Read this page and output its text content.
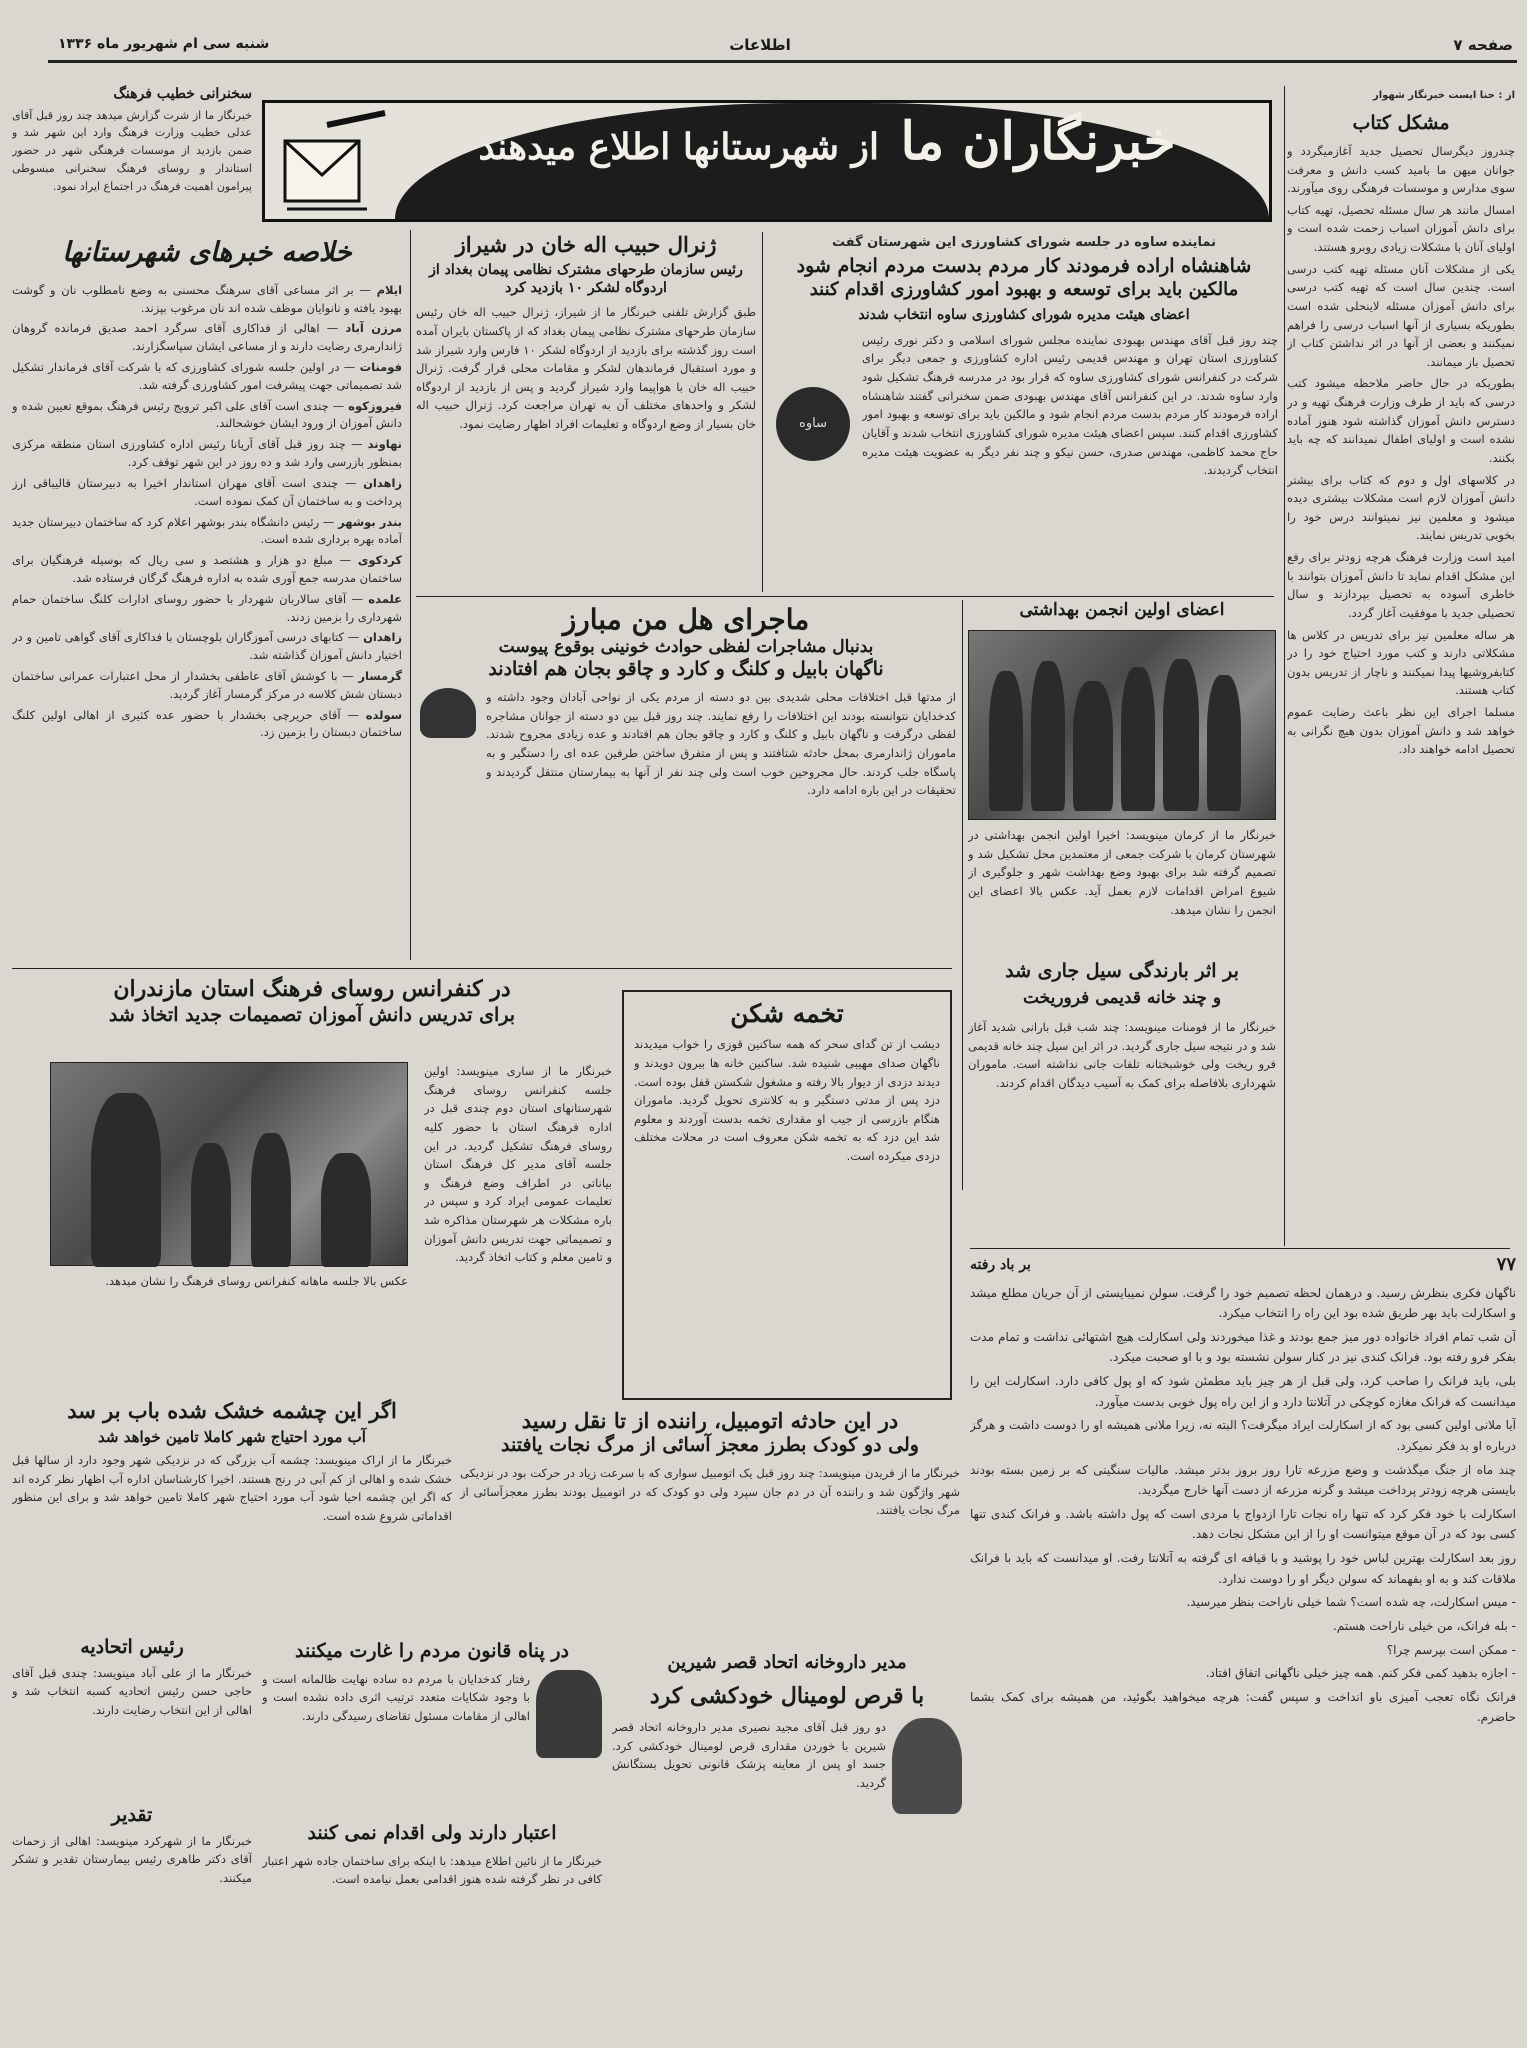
صفحه ۷
اطلاعات
شنبه سی ام شهریور ماه ۱۳۳۶
از : حنا ایست خبرنگار شهوار
مشکل کتاب

چندروز دیگرسال تحصیل جدید آغازمیگردد و جوانان میهن ما بامید کسب دانش و معرفت سوی مدارس و موسسات فرهنگی روی میآورند.

امسال مانند هر سال مسئله تحصیل، تهیه کتاب برای دانش آموزان اسباب زحمت شده است و اولیای آنان با مشکلات زیادی روبرو هستند.

یکی از مشکلات آنان مسئله تهیه کتب درسی است. چندین سال است که تهیه کتب درسی برای دانش آموزان مسئله لاینحلی شده است بطوریکه بسیاری از آنها اسباب درسی را فراهم نمیکنند و بعضی از آنها در اثر نداشتن کتاب از تحصیل باز میمانند.

بطوریکه در حال حاضر ملاحظه میشود کتب درسی که باید از طرف وزارت فرهنگ تهیه و در دسترس دانش آموزان گذاشته شود هنوز آماده نشده است و اولیای اطفال نمیدانند که چه باید بکنند.

در کلاسهای اول و دوم که کتاب برای بیشتر دانش آموزان لازم است مشکلات بیشتری دیده میشود و معلمین نیز نمیتوانند درس خود را بخوبی تدریس نمایند.

امید است وزارت فرهنگ هرچه زودتر برای رفع این مشکل اقدام نماید تا دانش آموزان بتوانند با خاطری آسوده به تحصیل بپردازند و سال تحصیلی جدید با موفقیت آغاز گردد.

هر ساله معلمین نیز برای تدریس در کلاس ها مشکلاتی دارند و کتب مورد احتیاج خود را در کتابفروشیها پیدا نمیکنند و ناچار از تدریس بدون کتاب هستند.

مسلما اجرای این نظر باعث رضایت عموم خواهد شد و دانش آموزان بدون هیچ نگرانی به تحصیل ادامه خواهند داد.

خبرنگاران ما از شهرستانها اطلاع میدهند
سخنرانی خطیب فرهنگ
خبرنگار ما از شرت گزارش میدهد چند روز قبل آقای عدلی خطیب وزارت فرهنگ وارد این شهر شد و ضمن بازدید از موسسات فرهنگی شهر در حضور استاندار و روسای فرهنگ سخنرانی مبسوطی پیرامون اهمیت فرهنگ در اجتماع ایراد نمود.
خلاصه خبرهای شهرستانها

ایلام — بر اثر مساعی آقای سرهنگ محسنی به وضع نامطلوب نان و گوشت بهبود یافته و نانوایان موظف شده اند نان مرغوب بپزند.

مرزن آباد — اهالی از فداکاری آقای سرگرد احمد صدیق فرمانده گروهان ژاندارمری رضایت دارند و از مساعی ایشان سپاسگزارند.

فومنات — در اولین جلسه شورای کشاورزی که با شرکت آقای فرماندار تشکیل شد تصمیماتی جهت پیشرفت امور کشاورزی گرفته شد.

فیروزکوه — چندی است آقای علی اکبر ترویج رئیس فرهنگ بموقع تعیین شده و دانش آموزان از ورود ایشان خوشحالند.

نهاوند — چند روز قبل آقای آریانا رئیس اداره کشاورزی استان منطقه مرکزی بمنظور بازرسی وارد شد و ده روز در این شهر توقف کرد.

زاهدان — چندی است آقای مهران استاندار اخیرا به دبیرستان قالیباقی ارز پرداخت و به ساختمان آن کمک نموده است.

بندر بوشهر — رئیس دانشگاه بندر بوشهر اعلام کرد که ساختمان دبیرستان جدید آماده بهره برداری شده است.

کردکوی — مبلغ دو هزار و هشتصد و سی ریال که بوسیله فرهنگیان برای ساختمان مدرسه جمع آوری شده به اداره فرهنگ گرگان فرستاده شد.

علمده — آقای سالاربان شهردار با حضور روسای ادارات کلنگ ساختمان حمام شهرداری را بزمین زدند.

زاهدان — کتابهای درسی آموزگاران بلوچستان با فداکاری آقای گواهی تامین و در اختیار دانش آموزان گذاشته شد.

گرمسار — با کوشش آقای عاطفی بخشدار از محل اعتبارات عمرانی ساختمان دبستان شش کلاسه در مرکز گرمسار آغاز گردید.

سولده — آقای حریرچی بخشدار با حضور عده کثیری از اهالی اولین کلنگ ساختمان دبستان را بزمین زد.

ژنرال حبیب اله خان در شیراز
رئیس سازمان طرحهای مشترک نظامی پیمان بغداد از اردوگاه لشکر ۱۰ بازدید کرد
طبق گزارش تلفنی خبرنگار ما از شیراز، ژنرال حبیب اله خان رئیس سازمان طرحهای مشترک نظامی پیمان بغداد که از پاکستان بایران آمده است روز گذشته برای بازدید از اردوگاه لشکر ۱۰ فارس وارد شیراز شد و مورد استقبال فرماندهان لشکر و مقامات محلی قرار گرفت. ژنرال حبیب اله خان با هواپیما وارد شیراز گردید و پس از بازدید از اردوگاه لشکر و واحدهای مختلف آن به تهران مراجعت کرد. ژنرال حبیب اله خان بسیار از وضع اردوگاه و تعلیمات افراد اظهار رضایت نمود.
نماینده ساوه در جلسه شورای کشاورزی این شهرستان گفت
شاهنشاه اراده فرمودند کار مردم بدست مردم انجام شود
مالکین باید برای توسعه و بهبود امور کشاورزی اقدام کنند
اعضای هیئت مدیره شورای کشاورزی ساوه انتخاب شدند
ساوه
چند روز قبل آقای مهندس بهبودی نماینده مجلس شورای اسلامی و دکتر نوری رئیس کشاورزی استان تهران و مهندس قدیمی رئیس اداره کشاورزی و جمعی دیگر برای شرکت در کنفرانس شورای کشاورزی ساوه که قرار بود در مدرسه فرهنگ تشکیل شود وارد ساوه شدند. در این کنفرانس آقای مهندس بهبودی ضمن سخنرانی گفتند شاهنشاه اراده فرمودند کار مردم بدست مردم انجام شود و مالکین باید برای توسعه و بهبود امور کشاورزی اقدام کنند. سپس اعضای هیئت مدیره شورای کشاورزی انتخاب شدند و آقایان حاج محمد کاظمی، مهندس صدری، حسن نیکو و چند نفر دیگر به عضویت هیئت مدیره انتخاب گردیدند.
ماجرای هل من مبارز
بدنبال مشاجرات لفظی حوادث خونینی بوقوع پیوست
ناگهان بابیل و کلنگ و کارد و چاقو بجان هم افتادند
از مدتها قبل اختلافات محلی شدیدی بین دو دسته از مردم یکی از نواحی آبادان وجود داشته و کدخدایان نتوانسته بودند این اختلافات را رفع نمایند. چند روز قبل بین دو دسته از جوانان مشاجره لفظی درگرفت و ناگهان بابیل و کلنگ و کارد و چاقو بجان هم افتادند و عده زیادی مجروح شدند. ماموران ژاندارمری بمحل حادثه شتافتند و پس از متفرق ساختن طرفین عده ای را دستگیر و به پاسگاه جلب کردند. حال مجروحین خوب است ولی چند نفر از آنها به بیمارستان منتقل گردیدند و تحقیقات در این باره ادامه دارد.
اعضای اولین انجمن بهداشتی
خبرنگار ما از کرمان مینویسد: اخیرا اولین انجمن بهداشتی در شهرستان کرمان با شرکت جمعی از معتمدین محل تشکیل شد و تصمیم گرفته شد برای بهبود وضع بهداشت شهر و جلوگیری از شیوع امراض اقدامات لازم بعمل آید. عکس بالا اعضای این انجمن را نشان میدهد.
بر اثر بارندگی سیل جاری شد
و چند خانه قدیمی فروریخت
خبرنگار ما از فومنات مینویسد: چند شب قبل بارانی شدید آغاز شد و در نتیجه سیل جاری گردید. در اثر این سیل چند خانه قدیمی فرو ریخت ولی خوشبختانه تلفات جانی نداشته است. ماموران شهرداری بلافاصله برای کمک به آسیب دیدگان اقدام کردند.
در کنفرانس روسای فرهنگ استان مازندران
برای تدریس دانش آموزان تصمیمات جدید اتخاذ شد
خبرنگار ما از ساری مینویسد: اولین جلسه کنفرانس روسای فرهنگ شهرستانهای استان دوم چندی قبل در اداره فرهنگ استان با حضور کلیه روسای فرهنگ تشکیل گردید. در این جلسه آقای مدیر کل فرهنگ استان بیاناتی در اطراف وضع فرهنگ و تعلیمات عمومی ایراد کرد و سپس در باره مشکلات هر شهرستان مذاکره شد و تصمیماتی جهت تدریس دانش آموزان و تامین معلم و کتاب اتخاذ گردید.
عکس بالا جلسه ماهانه کنفرانس روسای فرهنگ را نشان میدهد.
تخمه شکن
دیشب از تن گدای سحر که همه ساکنین قوزی را خواب میدیدند ناگهان صدای مهیبی شنیده شد. ساکنین خانه ها بیرون دویدند و دیدند دزدی از دیوار بالا رفته و مشغول شکستن قفل بوده است. دزد پس از مدتی دستگیر و به کلانتری تحویل گردید. ماموران هنگام بازرسی از جیب او مقداری تخمه بدست آوردند و معلوم شد این دزد که به تخمه شکن معروف است در محلات مختلف دزدی میکرده است.
۷۷
بر باد رفته

ناگهان فکری بنظرش رسید. و درهمان لحظه تصمیم خود را گرفت. سولن نمیبایستی از آن جریان مطلع میشد و اسکارلت باید بهر طریق شده بود این راه را انتخاب میکرد.

آن شب تمام افراد خانواده دور میز جمع بودند و غذا میخوردند ولی اسکارلت هیچ اشتهائی نداشت و تمام مدت بفکر فرو رفته بود. فرانک کندی نیز در کنار سولن نشسته بود و با او صحبت میکرد.

بلی، باید فرانک را صاحب کرد، ولی قبل از هر چیز باید مطمئن شود که او پول کافی دارد. اسکارلت این را میدانست که فرانک مغازه کوچکی در آتلانتا دارد و از این راه پول خوبی بدست میآورد.

آیا ملانی اولین کسی بود که از اسکارلت ایراد میگرفت؟ البته نه، زیرا ملانی همیشه او را دوست داشت و هرگز درباره او بد فکر نمیکرد.

چند ماه از جنگ میگذشت و وضع مزرعه تارا روز بروز بدتر میشد. مالیات سنگینی که بر زمین بسته بودند بایستی هرچه زودتر پرداخت میشد و گرنه مزرعه از دست آنها خارج میگردید.

اسکارلت با خود فکر کرد که تنها راه نجات تارا ازدواج با مردی است که پول داشته باشد. و فرانک کندی تنها کسی بود که در آن موقع میتوانست او را از این مشکل نجات دهد.

روز بعد اسکارلت بهترین لباس خود را پوشید و با قیافه ای گرفته به آتلانتا رفت. او میدانست که باید با فرانک ملاقات کند و به او بفهماند که سولن دیگر او را دوست ندارد.

- میس اسکارلت، چه شده است؟ شما خیلی ناراحت بنظر میرسید.

- بله فرانک، من خیلی ناراحت هستم.

- ممکن است بپرسم چرا؟

- اجازه بدهید کمی فکر کنم. همه چیز خیلی ناگهانی اتفاق افتاد.

فرانک نگاه تعجب آمیزی باو انداخت و سپس گفت: هرچه میخواهید بگوئید، من همیشه برای کمک بشما حاضرم.

اگر این چشمه خشک شده باب بر سد
آب مورد احتیاج شهر کاملا تامین خواهد شد
خبرنگار ما از اراک مینویسد: چشمه آب بزرگی که در نزدیکی شهر وجود دارد از سالها قبل خشک شده و اهالی از کم آبی در رنج هستند. اخیرا کارشناسان اداره آب اظهار نظر کرده اند که اگر این چشمه احیا شود آب مورد احتیاج شهر کاملا تامین خواهد شد و برای این منظور اقداماتی شروع شده است.
در این حادثه اتومبیل، راننده از تا نقل رسید
ولی دو کودک بطرز معجز آسائی از مرگ نجات یافتند
خبرنگار ما از فریدن مینویسد: چند روز قبل یک اتومبیل سواری که با سرعت زیاد در حرکت بود در نزدیکی شهر واژگون شد و راننده آن در دم جان سپرد ولی دو کودک که در اتومبیل بودند بطرز معجزآسائی از مرگ نجات یافتند.
رئیس اتحادیه
خبرنگار ما از علی آباد مینویسد: چندی قبل آقای حاجی حسن رئیس اتحادیه کسبه انتخاب شد و اهالی از این انتخاب رضایت دارند.
تقدیر
خبرنگار ما از شهرکرد مینویسد: اهالی از زحمات آقای دکتر طاهری رئیس بیمارستان تقدیر و تشکر میکنند.
در پناه قانون مردم را غارت میکنند
رفتار کدخدایان با مردم ده ساده نهایت ظالمانه است و با وجود شکایات متعدد ترتیب اثری داده نشده است و اهالی از مقامات مسئول تقاضای رسیدگی دارند.
اعتبار دارند ولی اقدام نمی کنند
خبرنگار ما از نائین اطلاع میدهد: با اینکه برای ساختمان جاده شهر اعتبار کافی در نظر گرفته شده هنوز اقدامی بعمل نیامده است.
مدیر داروخانه اتحاد قصر شیرین
با قرص لومینال خودکشی کرد
دو روز قبل آقای مجید نصیری مدیر داروخانه اتحاد قصر شیرین با خوردن مقداری قرص لومینال خودکشی کرد. جسد او پس از معاینه پزشک قانونی تحویل بستگانش گردید.
